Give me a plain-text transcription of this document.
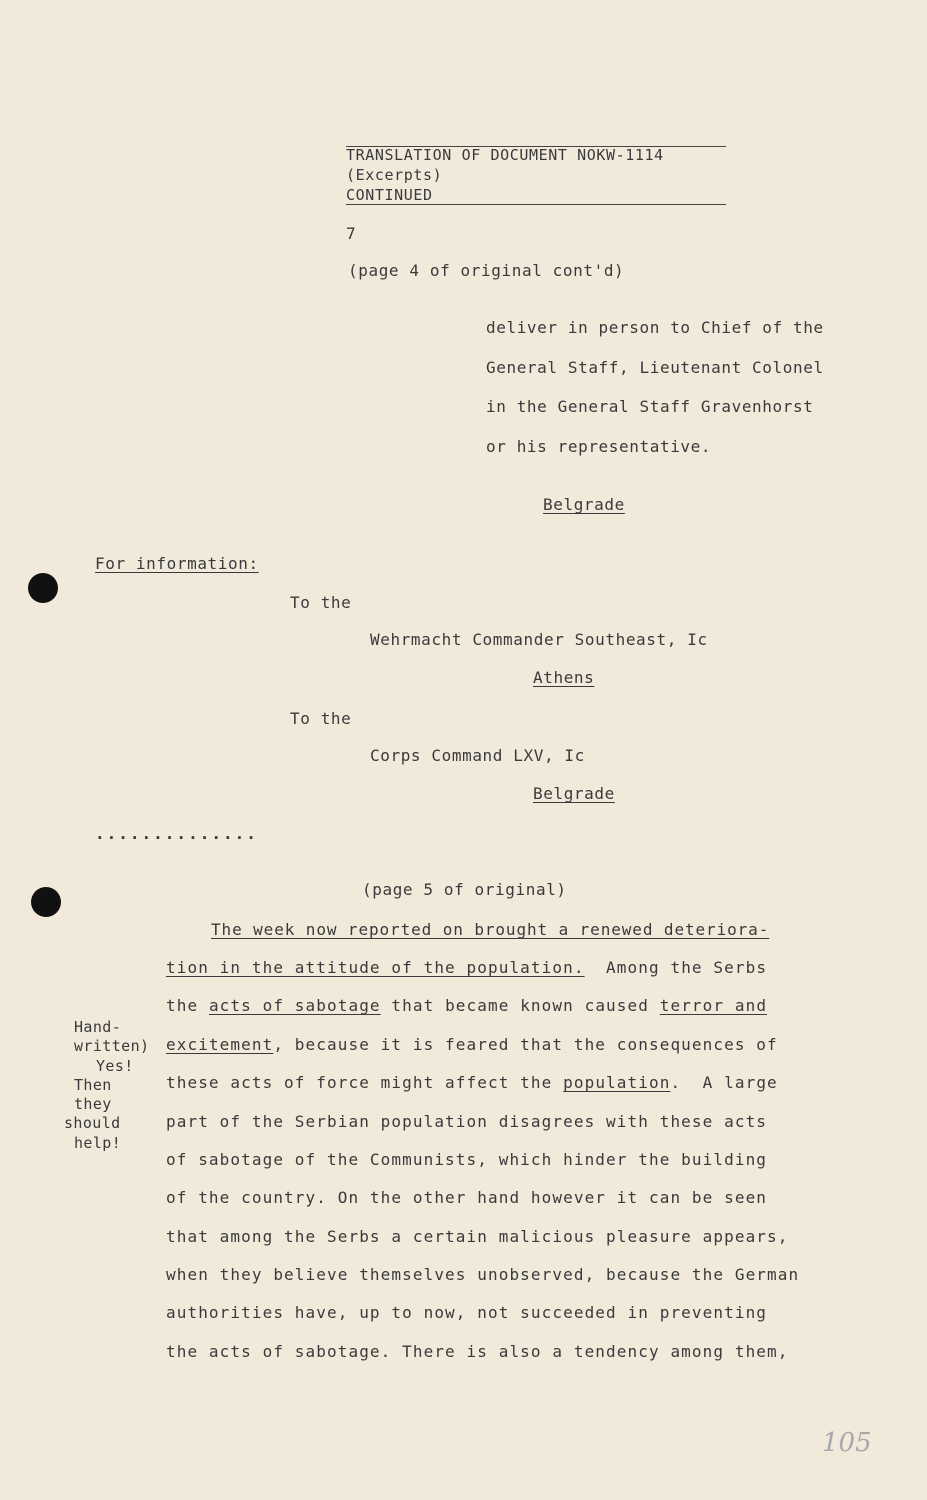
TRANSLATION OF DOCUMENT NOKW-1114
(Excerpts)
CONTINUED
7
(page 4 of original cont'd)
deliver in person to Chief of the
General Staff, Lieutenant Colonel
in the General Staff Gravenhorst
or his representative.
Belgrade
For information:
To the
Wehrmacht Commander Southeast, Ic
Athens
To the
Corps Command LXV, Ic
Belgrade
..............
(page 5 of original)
The week now reported on brought a renewed deteriora-
tion in the attitude of the population.  Among the Serbs
the acts of sabotage that became known caused terror and
excitement, because it is feared that the consequences of
these acts of force might affect the population.  A large
part of the Serbian population disagrees with these acts
of sabotage of the Communists, which hinder the building
of the country. On the other hand however it can be seen
that among the Serbs a certain malicious pleasure appears,
when they believe themselves unobserved, because the German
authorities have, up to now, not succeeded in preventing
the acts of sabotage. There is also a tendency among them,
Hand-
written)
Yes!
Then
they
should
help!
105
